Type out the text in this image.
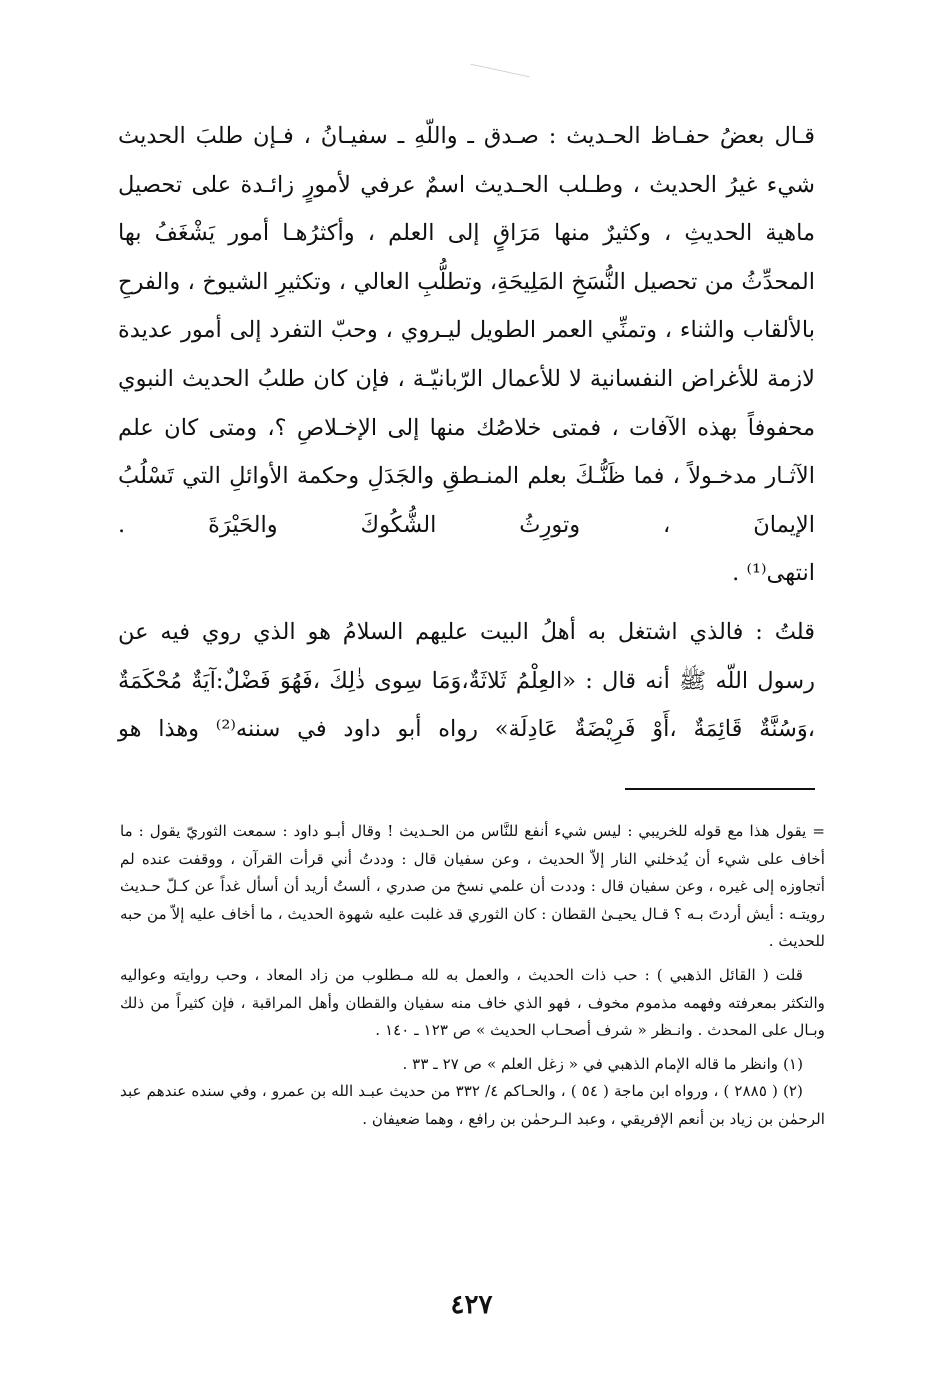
قـال بعضُ حفـاظ الحـديث : صـدق ـ واللّهِ ـ سفيـانُ ، فـإن طلبَ الحديث شيء غيرُ الحديث ، وطـلب الحـديث اسمٌ عرفي لأمورٍ زائـدة على تحصيل ماهية الحديثِ ، وكثيرٌ منها مَرَاقٍ إلى العلم ، وأكثرُهـا أمور يَشْغَفُ بها المحدِّثُ من تحصيل النُّسَخِ المَلِيحَةِ، وتطلُّبِ العالي ، وتكثيرِ الشيوخ ، والفرحِ بالألقاب والثناء ، وتمنِّي العمر الطويل ليـروي ، وحبّ التفرد إلى أمور عديدة لازمة للأغراض النفسانية لا للأعمال الرّبانيّـة ، فإن كان طلبُ الحديث النبوي محفوفاً بهذه الآفات ، فمتى خلاصُك منها إلى الإخـلاصِ ؟، ومتى كان علم الآثـار مدخـولاً ، فما ظَنُّـكَ بعلم المنـطقِ والجَدَلِ وحكمة الأوائلِ التي تَسْلُبُ الإيمانَ ، وتورِثُ الشُّكُوكَ والحَيْرَةَ .

انتهى⁽¹⁾ .

قلتُ : فالذي اشتغل به أهلُ البيت عليهم السلامُ هو الذي روي فيه عن رسول اللّه ﷺ أنه قال : «العِلْمُ ثَلاثَةٌ،وَمَا سِوى ذٰلِكَ ،فَهُوَ فَضْلٌ:آيَةٌ مُحْكَمَةٌ ،وَسُنَّةٌ قَائِمَةٌ ،أَوْ فَرِيْضَةٌ عَادِلَة» رواه أبو داود في سننه⁽²⁾ وهذا هو

= يقول هذا مع قوله للخريبي : ليس شيء أنفع للنَّاس من الحـديث ! وقال أبـو داود : سمعت الثوريّ يقول : ما أخاف على شيء أن يُدخلني النار إلاّ الحديث ، وعن سفيان قال : وددتُ أني قرأت القرآن ، ووقفت عنده لم أتجاوزه إلى غيره ، وعن سفيان قال : وددت أن علمي نسخ من صدري ، ألستُ أريد أن أسأل غداً عن كـلّ حـديث رويتـه : أيش أردتَ بـه ؟ قـال يحيـىٰ القطان : كان الثوري قد غلبت عليه شهوة الحديث ، ما أخاف عليه إلاّ من حبه للحديث .

قلت ( القائل الذهبي ) : حب ذات الحديث ، والعمل به لله مـطلوب من زاد المعاد ، وحب روايته وعواليه والتكثر بمعرفته وفهمه مذموم مخوف ، فهو الذي خاف منه سفيان والقطان وأهل المراقبة ، فإن كثيراً من ذلك وبـال على المحدث . وانـظر « شرف أصحـاب الحديث » ص ١٢٣ ـ ١٤٠ .

(١) وانظر ما قاله الإمام الذهبي في « زغل العلم » ص ٢٧ ـ ٣٣ .

(٢) ( ٢٨٨٥ ) ، ورواه ابن ماجة ( ٥٤ ) ، والحـاكم ٤/ ٣٣٢ من حديث عبـد الله بن عمرو ، وفي سنده عندهم عبد الرحمٰن بن زياد بن أنعم الإفريقي ، وعبد الـرحمٰن بن رافع ، وهما ضعيفان .

٤٢٧
